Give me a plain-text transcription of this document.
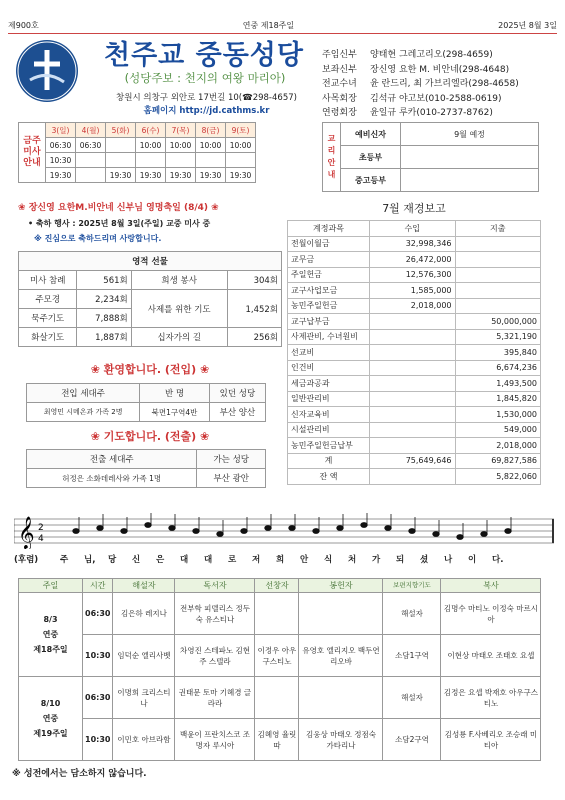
제900호	연중 제18주일	2025년 8월 3일
천주교 중동성당
(성당주보 : 천지의 여왕 마리아)
창원시 의창구 외안로 17번길 10(☎298-4657)
홈페이지 http://jd.cathms.kr
주임신부 양태현 그레고리오(298-4659)
보좌신부 장신영 요한 M. 비안네(298-4648)
전교수녀 윤 란드리, 최 가브리엘라(298-4658)
사목회장 김석규 야고보(010-2588-0619)
연령회장 윤일규 루카(010-2737-8762)
금주
미사
안내	3(일)	4(월)	5(화)	6(수)	7(목)	8(금)	9(토)
	06:30	06:30		10:00	10:00	10:00	10:00
	10:30						
	19:30		19:30	19:30	19:30	19:30	19:30
교
리
안
내	예비신자	9월 예정
	초등부	
	중고등부	
❀ 장신영 요한M.비안네 신부님 영명축일 (8/4) ❀
• 축하 행사 : 2025년 8월 3일(주일) 교중 미사 중
※ 진심으로 축하드리며 사랑합니다.
영적 선물			
미사 참례	561회	희생 봉사	304회
주모경	2,234회	사제를 위한 기도	1,452회
묵주기도	7,888회		
화살기도	1,887회	십자가의 길	256회
❀ 환영합니다. (전입) ❀
전입 세대주	반 명	있던 성당
최영민 시메온과 가족 2명	북면1구역4반	부산 양산
❀ 기도합니다. (전출) ❀
전출 세대주	가는 성당
허정은 소화데레사와 가족 1명	부산 광안
7월 재경보고
계정과목	수입	지출
전월이월금	32,998,346	
교무금	26,472,000	
주일헌금	12,576,300	
교구사업모금	1,585,000	
농민주일헌금	2,018,000	
교구납부금		50,000,000
사제관비, 수녀원비		5,321,190
선교비		395,840
인건비		6,674,236
세금과공과		1,493,500
일반관리비		1,845,820
신자교육비		1,530,000
시설관리비		549,000
농민주일헌금납부		2,018,000
계	75,649,646	69,827,586
잔 액		5,822,060
𝄞 2
4
(후렴)	주	님,	당	신	은	대	대	로	저	희	안	식	처	가	되	셨	나	이	다.
주일	시간	해설자	독서자	선창자	봉헌자	보편지향기도	복사

8/3
연중
제18주일	06:30	김은하 레지나	전부학 피델리스 정두숙 유스티나			해설자	김명수 마티노 이정숙 마르시아
	10:30	임덕순 엘리사벳	차영진 스테파노 김현주 스텔라	이정우 아우구스티노	유영호 엘리지오 백두연 리오바	소담1구역	이현상 마태오 조태호 요셉

8/10
연중
제19주일	06:30	이명희 크리스티나	권태문 토마 기혜경 글라라			해설자	김정은 요셉 박재호 아우구스티노
	10:30	이민호 아브라함	백윤이 프란치스코 조명자 루시아	김혜영 율릿따	김웅상 마태오 정점숙 가타리나	소담2구역	김성룡 F.사베리오 조승래 미티아
※ 성전에서는 담소하지 않습니다.
